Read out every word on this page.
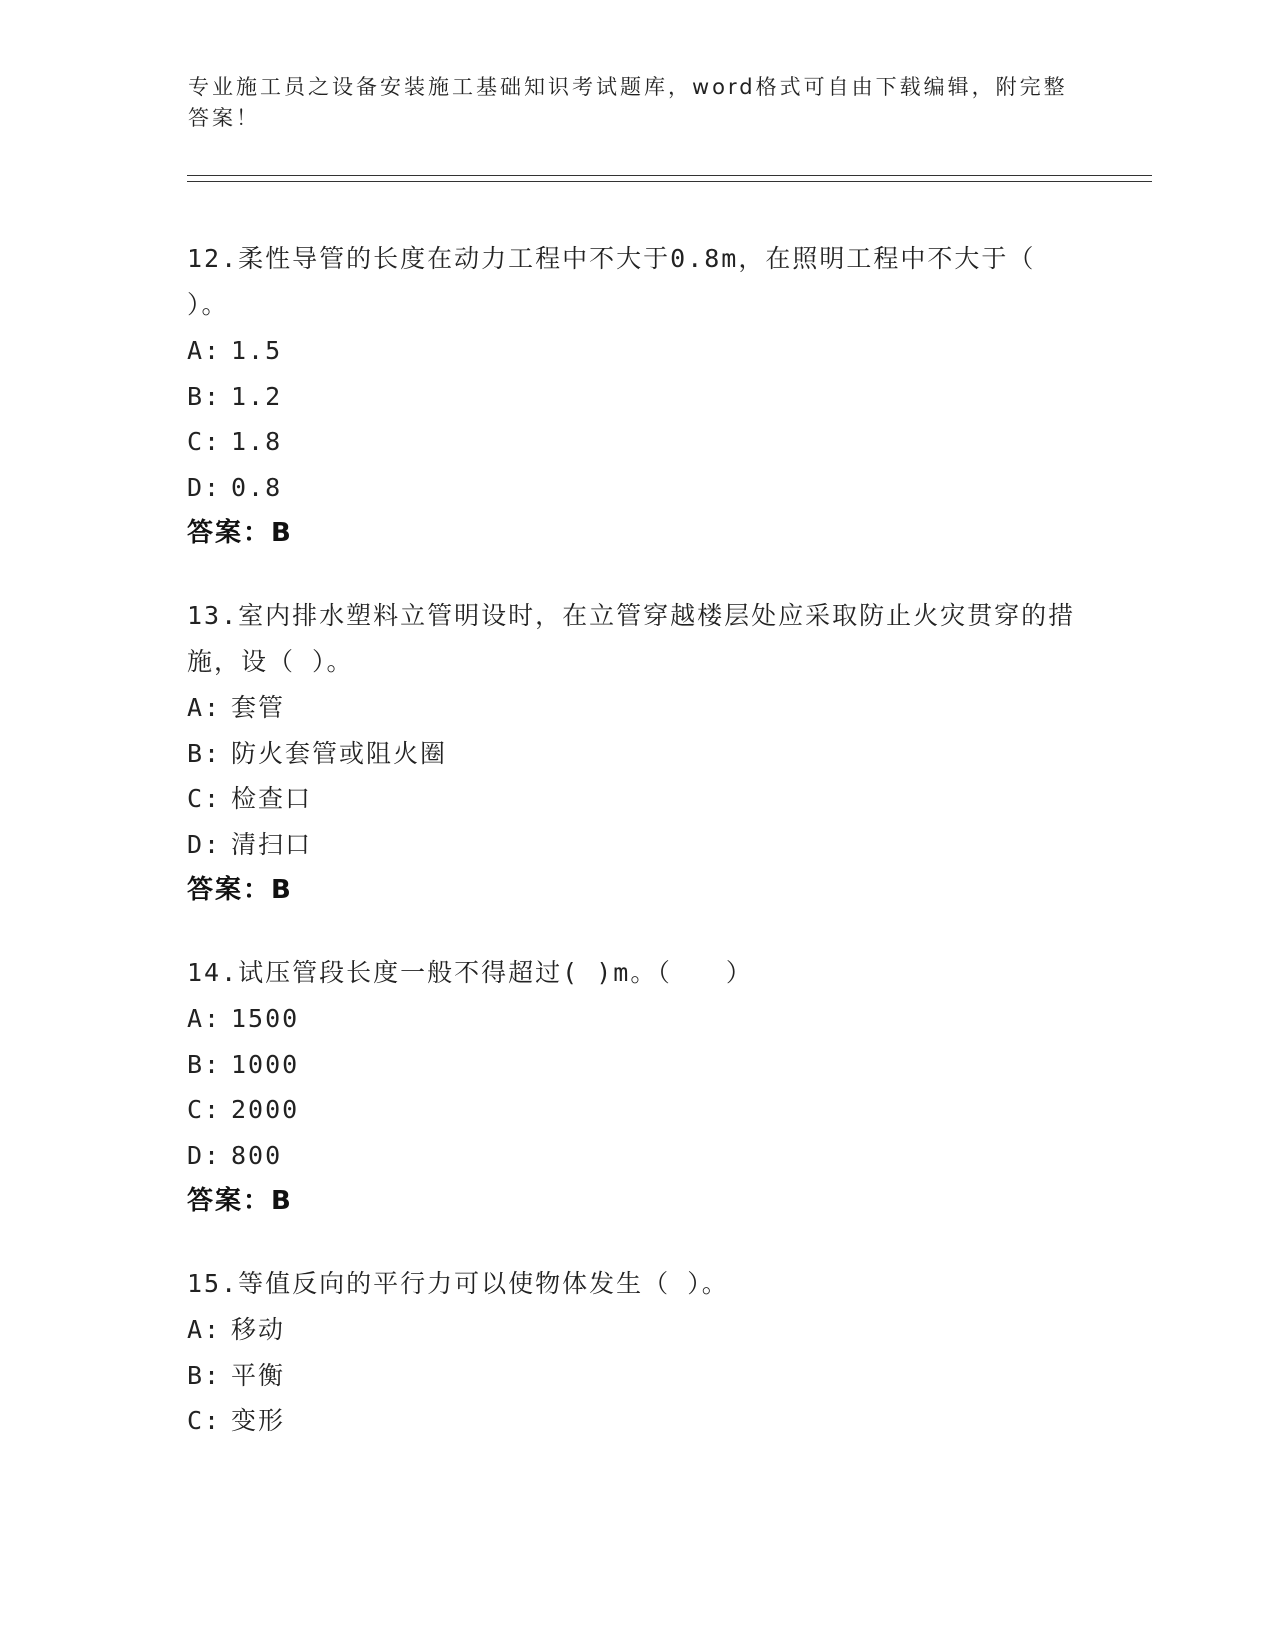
专业施工员之设备安装施工基础知识考试题库，word格式可自由下载编辑，附完整答案！

12.柔性导管的长度在动力工程中不大于0.8m，在照明工程中不大于（ ）。

A: 1.5

B: 1.2

C: 1.8

D: 0.8

答案：B

13.室内排水塑料立管明设时，在立管穿越楼层处应采取防止火灾贯穿的措施，设（ ）。

A: 套管

B: 防火套管或阻火圈

C: 检查口

D: 清扫口

答案：B

14.试压管段长度一般不得超过( )m。（　　）

A: 1500

B: 1000

C: 2000

D: 800

答案：B

15.等值反向的平行力可以使物体发生（ ）。

A: 移动

B: 平衡

C: 变形
